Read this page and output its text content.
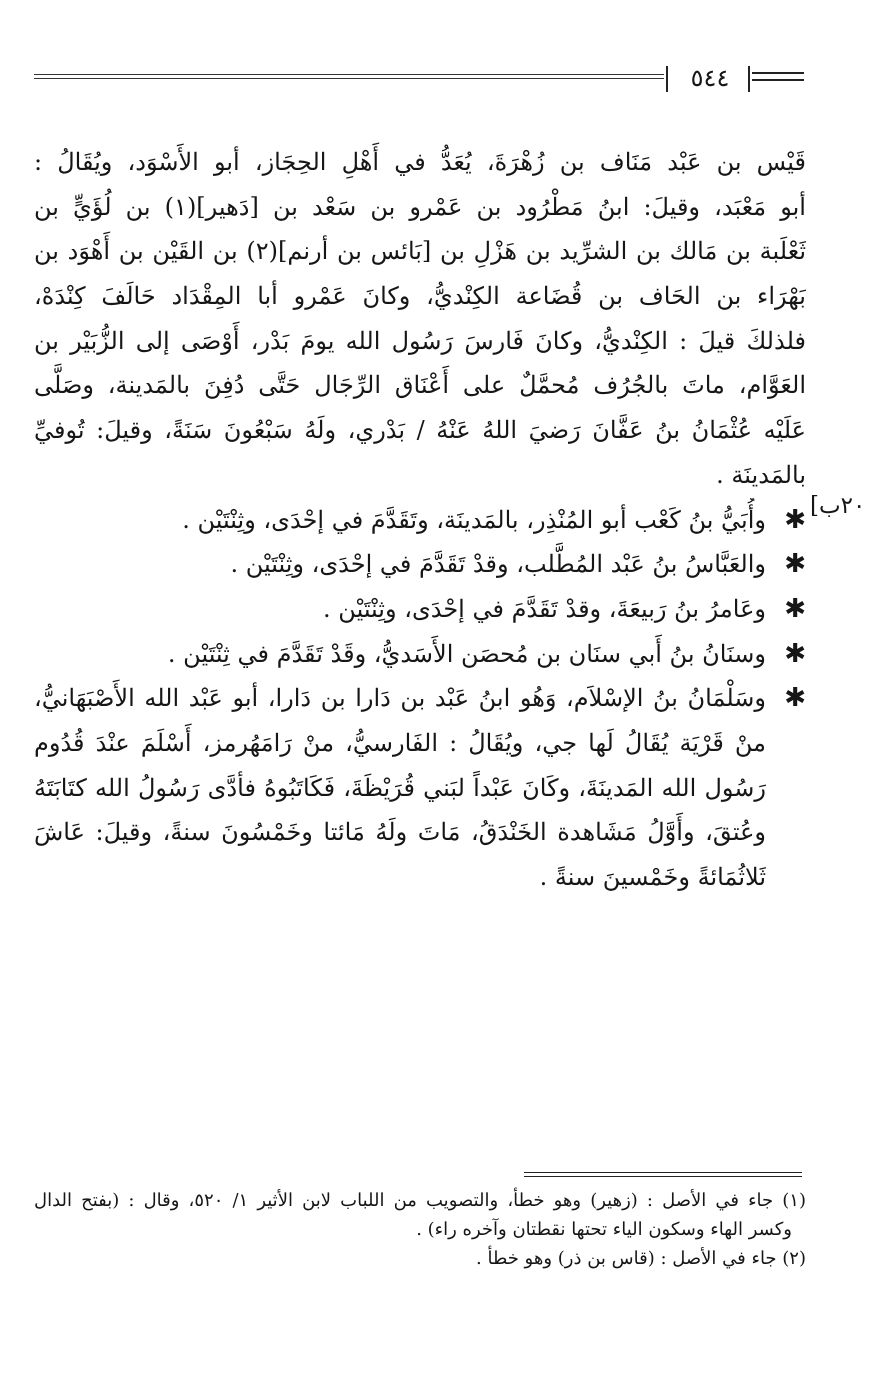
٥٤٤
٢٠ب]
قَيْس بن عَبْد مَنَاف بن زُهْرَةَ، يُعَدُّ في أَهْلِ الحِجَاز، أبو الأَسْوَد، ويُقَالُ :
أبو مَعْبَد، وقيلَ: ابنُ مَطْرُود بن عَمْرو بن سَعْد بن [دَهير](١) بن لُؤَيٍّ بن
ثَعْلَبة بن مَالك بن الشرِّيد بن هَزْلِ بن [بَائس بن أرنم](٢) بن القَيْن بن أَهْوَد بن
بَهْرَاء بن الحَاف بن قُضَاعة الكِنْديُّ، وكانَ عَمْرو أبا المِقْدَاد حَالَفَ كِنْدَهْ،
فلذلكَ قيلَ : الكِنْديُّ، وكانَ فَارسَ رَسُول الله يومَ بَدْر، أَوْصَى إلى الزُّبَيْر بن
العَوَّام، ماتَ بالجُرُف مُحمَّلٌ على أَعْنَاق الرِّجَال حَتَّى دُفِنَ بالمَدينة، وصَلَّى
عَلَيْه عُثْمَانُ بنُ عَفَّانَ رَضيَ اللهُ عَنْهُ / بَدْري، ولَهُ سَبْعُونَ سَنَةً، وقيلَ: تُوفيِّ
بالمَدينَة .
✱
وأُبَيُّ بنُ كَعْب أبو المُنْذِر، بالمَدينَة، وتَقَدَّمَ في إحْدَى، وثِنْتَيْن .
✱
والعَبَّاسُ بنُ عَبْد المُطَّلب، وقدْ تَقَدَّمَ في إحْدَى، وثِنْتَيْن .
✱
وعَامرُ بنُ رَبيعَةَ، وقدْ تَقَدَّمَ في إحْدَى، وثِنْتَيْن .
✱
وسنَانُ بنُ أَبي سنَان بن مُحصَن الأَسَديُّ، وقَدْ تَقَدَّمَ في ثِنْتَيْن .
✱
وسَلْمَانُ بنُ الإسْلاَم، وَهُو ابنُ عَبْد بن دَارا بن دَارا، أبو عَبْد الله الأَصْبَهَانيُّ،
منْ قَرْيَة يُقَالُ لَها جي، ويُقَالُ : الفَارسيُّ، منْ رَامَهُرمز، أَسْلَمَ عنْدَ قُدُوم
رَسُول الله المَدينَةَ، وكَانَ عَبْداً لبَني قُرَيْظَةَ، فَكَاتَبُوهُ فأدَّى رَسُولُ الله كتَابَتَهُ
وعُتقَ، وأَوَّلُ مَشَاهدة الخَنْدَقُ، مَاتَ ولَهُ مَائتا وخَمْسُونَ سنةً، وقيلَ: عَاشَ
ثَلاثُمَائةً وخَمْسينَ سنةً .
(١) جاء في الأصل : (زهير) وهو خطأ، والتصويب من اللباب لابن الأثير ١/ ٥٢٠، وقال : (بفتح الدال
وكسر الهاء وسكون الياء تحتها نقطتان وآخره راء) .
(٢) جاء في الأصل : (قاس بن ذر) وهو خطأ .
